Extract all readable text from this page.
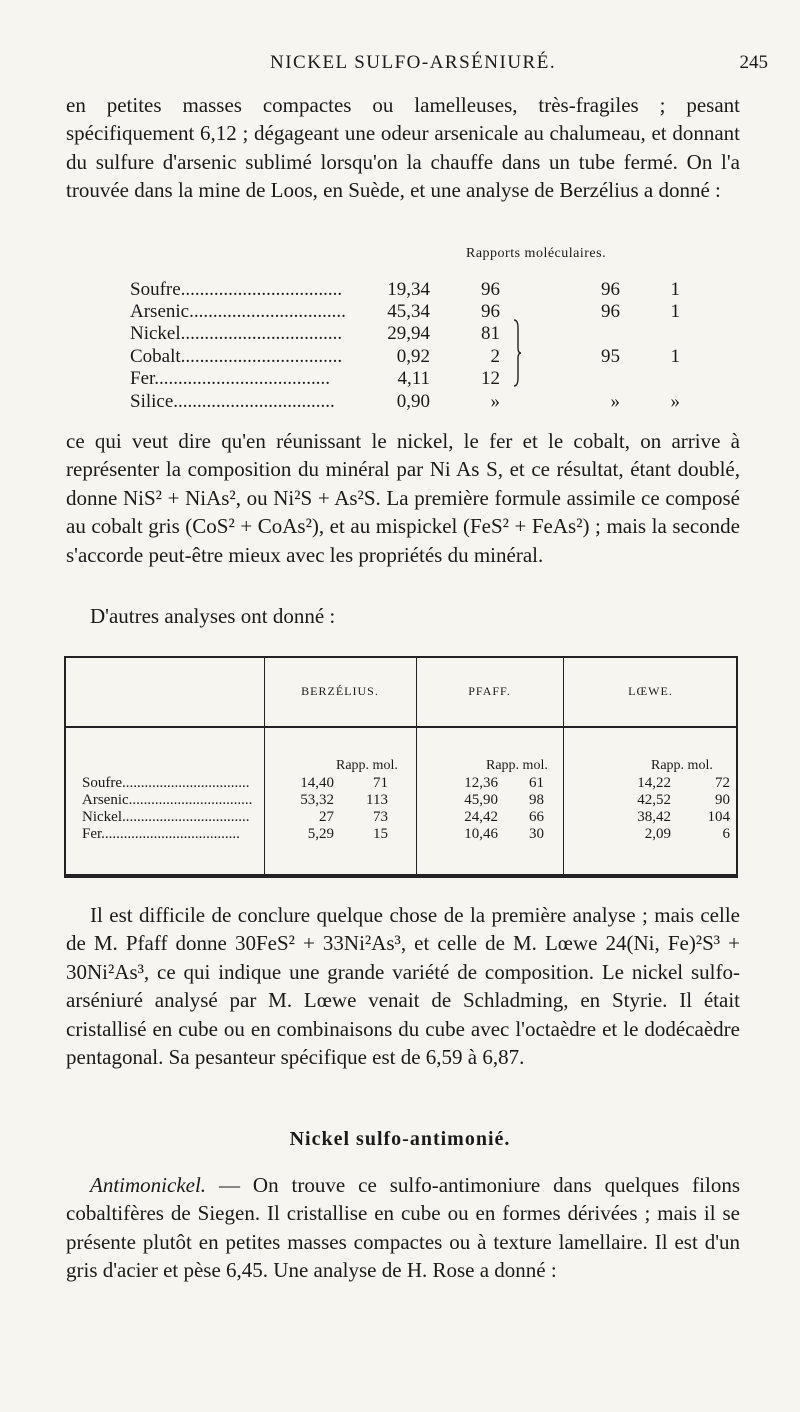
NICKEL SULFO-ARSÉNIURÉ.	245

en petites masses compactes ou lamelleuses, très-fragiles ; pesant spécifiquement 6,12 ; dégageant une odeur arsenicale au chalumeau, et donnant du sulfure d'arsenic sublimé lorsqu'on la chauffe dans un tube fermé. On l'a trouvée dans la mine de Loos, en Suède, et une analyse de Berzélius a donné :

Rapports moléculaires.
Soufre..................................	19,34	96	96	1
Arsenic.................................	45,34	96	96	1
Nickel..................................	29,94	81
Cobalt..................................	0,92	2	95	1
Fer.....................................	4,11	12
Silice..................................	0,90	»	»	»

ce qui veut dire qu'en réunissant le nickel, le fer et le cobalt, on arrive à représenter la composition du minéral par Ni As S, et ce résultat, étant doublé, donne NiS² + NiAs², ou Ni²S + As²S. La première formule assimile ce composé au cobalt gris (CoS² + CoAs²), et au mispickel (FeS² + FeAs²) ; mais la seconde s'accorde peut-être mieux avec les propriétés du minéral.

D'autres analyses ont donné :

BERZÉLIUS.	PFAFF.	LŒWE.
Rapp. mol.	Rapp. mol.	Rapp. mol.
Soufre..................................	14,40	71	12,36 61	14,22	72
Arsenic.................................	53,32 113	45,90 98	42,52	90
Nickel..................................	27	73	24,42 66	38,42 104
Fer.....................................	5,29	15	10,46 30	2,09	6

Il est difficile de conclure quelque chose de la première analyse ; mais celle de M. Pfaff donne 30FeS² + 33Ni²As³, et celle de M. Lœwe 24(Ni, Fe)²S³ + 30Ni²As³, ce qui indique une grande variété de composition. Le nickel sulfo-arséniuré analysé par M. Lœwe venait de Schladming, en Styrie. Il était cristallisé en cube ou en combinaisons du cube avec l'octaèdre et le dodécaèdre pentagonal. Sa pesanteur spécifique est de 6,59 à 6,87.

Nickel sulfo-antimonié.

Antimonickel. — On trouve ce sulfo-antimoniure dans quelques filons cobaltifères de Siegen. Il cristallise en cube ou en formes dérivées ; mais il se présente plutôt en petites masses compactes ou à texture lamellaire. Il est d'un gris d'acier et pèse 6,45. Une analyse de H. Rose a donné :
